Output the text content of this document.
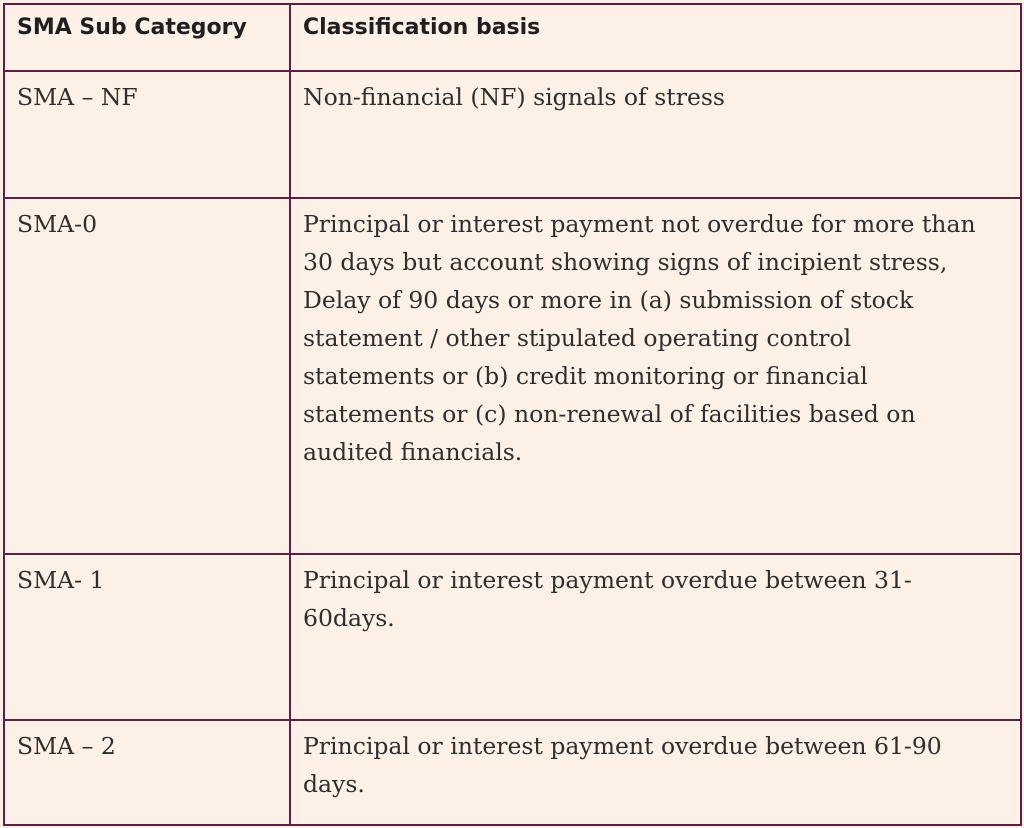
SMA Sub Category	Classification basis
SMA – NF	Non-financial (NF) signals of stress
SMA-0	Principal or interest payment not overdue for more than 30 days but account showing signs of incipient stress, Delay of 90 days or more in (a) submission of stock statement / other stipulated operating control statements or (b) credit monitoring or financial statements or (c) non-renewal of facilities based on audited financials.
SMA- 1	Principal or interest payment overdue between 31-60days.
SMA – 2	Principal or interest payment overdue between 61-90 days.
